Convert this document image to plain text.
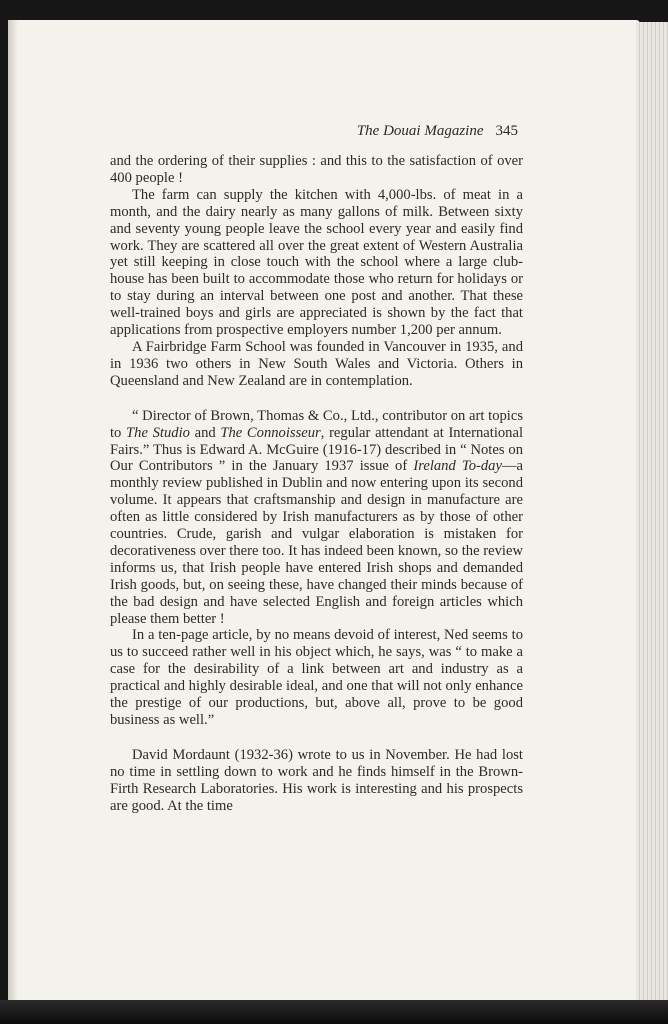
The Douai Magazine 345

and the ordering of their supplies : and this to the satisfaction of over 400 people !

The farm can supply the kitchen with 4,000-lbs. of meat in a month, and the dairy nearly as many gallons of milk. Between sixty and seventy young people leave the school every year and easily find work. They are scattered all over the great extent of Western Australia yet still keeping in close touch with the school where a large club-house has been built to accommodate those who return for holidays or to stay during an interval between one post and another. That these well-trained boys and girls are appreciated is shown by the fact that applications from prospective employers number 1,200 per annum.

A Fairbridge Farm School was founded in Vancouver in 1935, and in 1936 two others in New South Wales and Victoria. Others in Queensland and New Zealand are in contemplation.

“ Director of Brown, Thomas & Co., Ltd., contributor on art topics to The Studio and The Connoisseur, regular attendant at International Fairs.” Thus is Edward A. McGuire (1916-17) described in “ Notes on Our Contributors ” in the January 1937 issue of Ireland To-day—a monthly review published in Dublin and now entering upon its second volume. It appears that craftsmanship and design in manufacture are often as little considered by Irish manufacturers as by those of other countries. Crude, garish and vulgar elaboration is mistaken for decorativeness over there too. It has indeed been known, so the review informs us, that Irish people have entered Irish shops and demanded Irish goods, but, on seeing these, have changed their minds because of the bad design and have selected English and foreign articles which please them better !

In a ten-page article, by no means devoid of interest, Ned seems to us to succeed rather well in his object which, he says, was “ to make a case for the desirability of a link between art and industry as a practical and highly desirable ideal, and one that will not only enhance the prestige of our productions, but, above all, prove to be good business as well.”

David Mordaunt (1932-36) wrote to us in November. He had lost no time in settling down to work and he finds himself in the Brown-Firth Research Laboratories. His work is interesting and his prospects are good. At the time
